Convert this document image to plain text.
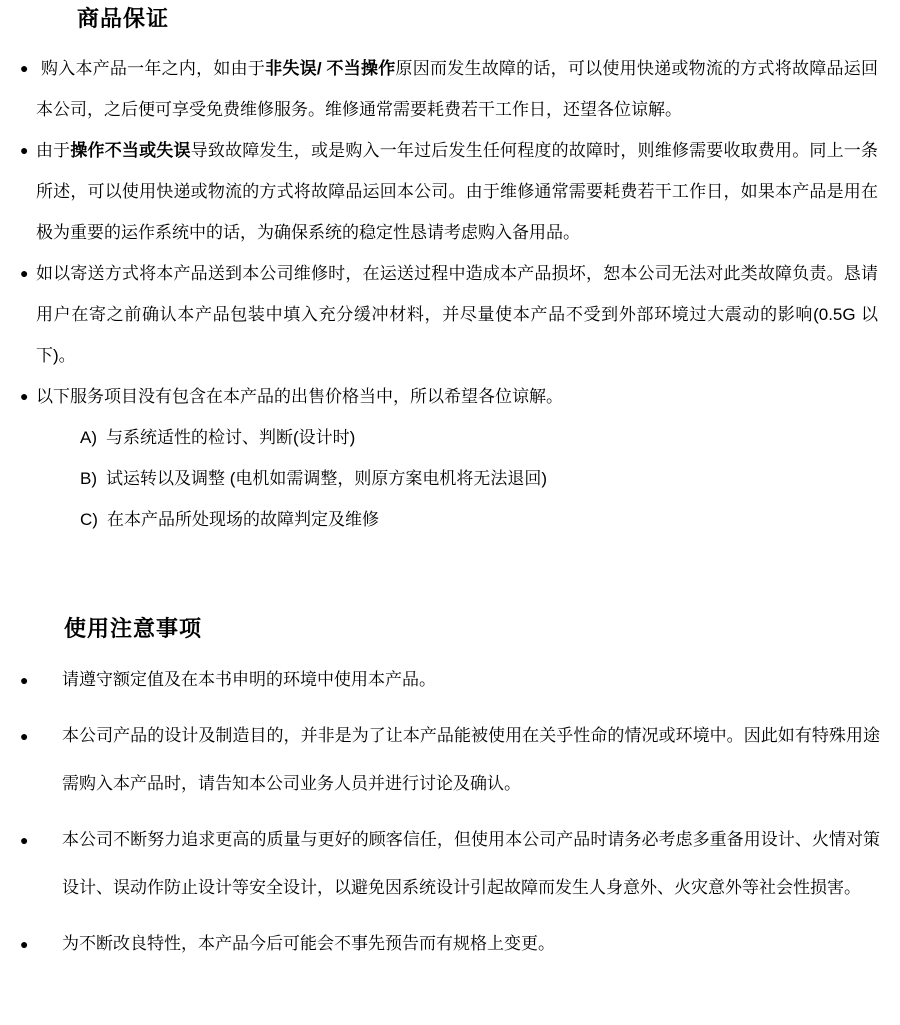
商品保证
● 购入本产品一年之内，如由于非失误/ 不当操作原因而发生故障的话，可以使用快递或物流的方式将故障品运回本公司，之后便可享受免费维修服务。维修通常需要耗费若干工作日，还望各位谅解。

● 由于操作不当或失误导致故障发生，或是购入一年过后发生任何程度的故障时，则维修需要收取费用。同上一条所述，可以使用快递或物流的方式将故障品运回本公司。由于维修通常需要耗费若干工作日，如果本产品是用在极为重要的运作系统中的话，为确保系统的稳定性恳请考虑购入备用品。

● 如以寄送方式将本产品送到本公司维修时，在运送过程中造成本产品损坏，恕本公司无法对此类故障负责。恳请用户在寄之前确认本产品包装中填入充分缓冲材料，并尽量使本产品不受到外部环境过大震动的影响(0.5G 以下)。

● 以下服务项目没有包含在本产品的出售价格当中，所以希望各位谅解。

A) 与系统适性的检讨、判断(设计时)

B) 试运转以及调整 (电机如需调整，则原方案电机将无法退回)

C) 在本产品所处现场的故障判定及维修

使用注意事项
●	请遵守额定值及在本书申明的环境中使用本产品。

●	本公司产品的设计及制造目的，并非是为了让本产品能被使用在关乎性命的情况或环境中。因此如有特殊用途需购入本产品时，请告知本公司业务人员并进行讨论及确认。

●	本公司不断努力追求更高的质量与更好的顾客信任，但使用本公司产品时请务必考虑多重备用设计、火情对策设计、误动作防止设计等安全设计，以避免因系统设计引起故障而发生人身意外、火灾意外等社会性损害。

●	为不断改良特性，本产品今后可能会不事先预告而有规格上变更。
